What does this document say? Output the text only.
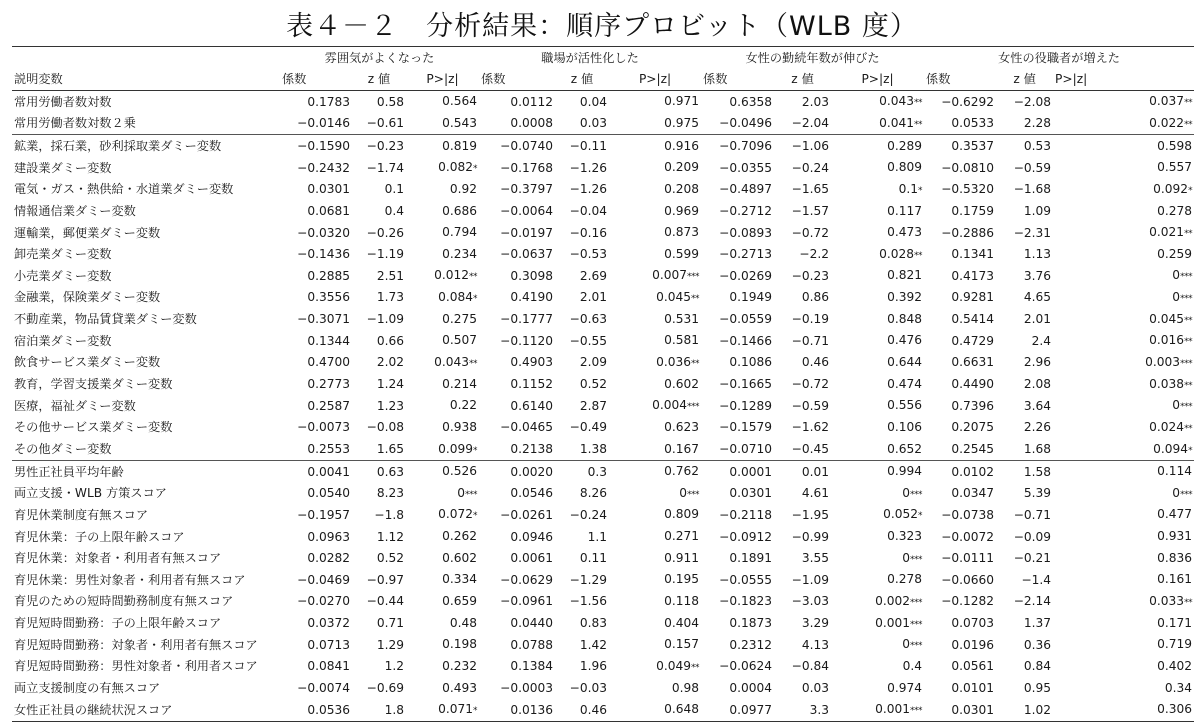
表４－２　分析結果：順序プロビット（WLB 度）
	雰囲気がよくなった			職場が活性化した			女性の勤続年数が伸びた			女性の役職者が増えた		
説明変数	係数	z 値	P>|z|	係数	z 値	P>|z|	係数	z 値	P>|z|	係数	z 値	P>|z|
常用労働者数対数	0.1783	0.58	0.564	0.0112	0.04	0.971	0.6358	2.03	0.043**	−0.6292	−2.08	0.037**
常用労働者数対数２乗	−0.0146	−0.61	0.543	0.0008	0.03	0.975	−0.0496	−2.04	0.041**	0.0533	2.28	0.022**
鉱業，採石業，砂利採取業ダミー変数	−0.1590	−0.23	0.819	−0.0740	−0.11	0.916	−0.7096	−1.06	0.289	0.3537	0.53	0.598
建設業ダミー変数	−0.2432	−1.74	0.082*	−0.1768	−1.26	0.209	−0.0355	−0.24	0.809	−0.0810	−0.59	0.557
電気・ガス・熱供給・水道業ダミー変数	0.0301	0.1	0.92	−0.3797	−1.26	0.208	−0.4897	−1.65	0.1*	−0.5320	−1.68	0.092*
情報通信業ダミー変数	0.0681	0.4	0.686	−0.0064	−0.04	0.969	−0.2712	−1.57	0.117	0.1759	1.09	0.278
運輸業，郵便業ダミー変数	−0.0320	−0.26	0.794	−0.0197	−0.16	0.873	−0.0893	−0.72	0.473	−0.2886	−2.31	0.021**
卸売業ダミー変数	−0.1436	−1.19	0.234	−0.0637	−0.53	0.599	−0.2713	−2.2	0.028**	0.1341	1.13	0.259
小売業ダミー変数	0.2885	2.51	0.012**	0.3098	2.69	0.007***	−0.0269	−0.23	0.821	0.4173	3.76	0***
金融業，保険業ダミー変数	0.3556	1.73	0.084*	0.4190	2.01	0.045**	0.1949	0.86	0.392	0.9281	4.65	0***
不動産業，物品賃貸業ダミー変数	−0.3071	−1.09	0.275	−0.1777	−0.63	0.531	−0.0559	−0.19	0.848	0.5414	2.01	0.045**
宿泊業ダミー変数	0.1344	0.66	0.507	−0.1120	−0.55	0.581	−0.1466	−0.71	0.476	0.4729	2.4	0.016**
飲食サービス業ダミー変数	0.4700	2.02	0.043**	0.4903	2.09	0.036**	0.1086	0.46	0.644	0.6631	2.96	0.003***
教育，学習支援業ダミー変数	0.2773	1.24	0.214	0.1152	0.52	0.602	−0.1665	−0.72	0.474	0.4490	2.08	0.038**
医療，福祉ダミー変数	0.2587	1.23	0.22	0.6140	2.87	0.004***	−0.1289	−0.59	0.556	0.7396	3.64	0***
その他サービス業ダミー変数	−0.0073	−0.08	0.938	−0.0465	−0.49	0.623	−0.1579	−1.62	0.106	0.2075	2.26	0.024**
その他ダミー変数	0.2553	1.65	0.099*	0.2138	1.38	0.167	−0.0710	−0.45	0.652	0.2545	1.68	0.094*
男性正社員平均年齢	0.0041	0.63	0.526	0.0020	0.3	0.762	0.0001	0.01	0.994	0.0102	1.58	0.114
両立支援・WLB 方策スコア	0.0540	8.23	0***	0.0546	8.26	0***	0.0301	4.61	0***	0.0347	5.39	0***
育児休業制度有無スコア	−0.1957	−1.8	0.072*	−0.0261	−0.24	0.809	−0.2118	−1.95	0.052*	−0.0738	−0.71	0.477
育児休業：子の上限年齢スコア	0.0963	1.12	0.262	0.0946	1.1	0.271	−0.0912	−0.99	0.323	−0.0072	−0.09	0.931
育児休業：対象者・利用者有無スコア	0.0282	0.52	0.602	0.0061	0.11	0.911	0.1891	3.55	0***	−0.0111	−0.21	0.836
育児休業：男性対象者・利用者有無スコア	−0.0469	−0.97	0.334	−0.0629	−1.29	0.195	−0.0555	−1.09	0.278	−0.0660	−1.4	0.161
育児のための短時間勤務制度有無スコア	−0.0270	−0.44	0.659	−0.0961	−1.56	0.118	−0.1823	−3.03	0.002***	−0.1282	−2.14	0.033**
育児短時間勤務：子の上限年齢スコア	0.0372	0.71	0.48	0.0440	0.83	0.404	0.1873	3.29	0.001***	0.0703	1.37	0.171
育児短時間勤務：対象者・利用者有無スコア	0.0713	1.29	0.198	0.0788	1.42	0.157	0.2312	4.13	0***	0.0196	0.36	0.719
育児短時間勤務：男性対象者・利用者スコア	0.0841	1.2	0.232	0.1384	1.96	0.049**	−0.0624	−0.84	0.4	0.0561	0.84	0.402
両立支援制度の有無スコア	−0.0074	−0.69	0.493	−0.0003	−0.03	0.98	0.0004	0.03	0.974	0.0101	0.95	0.34
女性正社員の継続状況スコア	0.0536	1.8	0.071*	0.0136	0.46	0.648	0.0977	3.3	0.001***	0.0301	1.02	0.306
